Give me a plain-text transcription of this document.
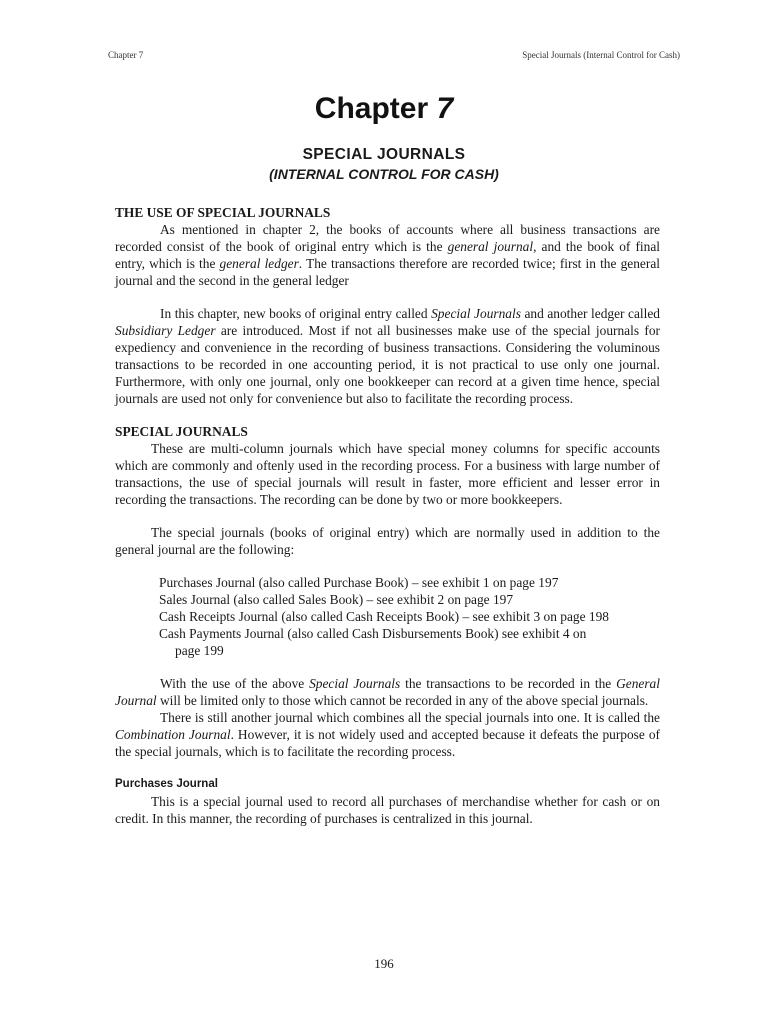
Chapter 7	Special Journals (Internal Control for Cash)
Chapter 7
SPECIAL JOURNALS
(INTERNAL CONTROL FOR CASH)

THE USE OF SPECIAL JOURNALS

As mentioned in chapter 2, the books of accounts where all business transactions are recorded consist of the book of original entry which is the general journal, and the book of final entry, which is the general ledger. The transactions therefore are recorded twice; first in the general journal and the second in the general ledger

In this chapter, new books of original entry called Special Journals and another ledger called Subsidiary Ledger are introduced. Most if not all businesses make use of the special journals for expediency and convenience in the recording of business transactions. Considering the voluminous transactions to be recorded in one accounting period, it is not practical to use only one journal. Furthermore, with only one journal, only one bookkeeper can record at a given time hence, special journals are used not only for convenience but also to facilitate the recording process.

SPECIAL JOURNALS

These are multi-column journals which have special money columns for specific accounts which are commonly and oftenly used in the recording process. For a business with large number of transactions, the use of special journals will result in faster, more efficient and lesser error in recording the transactions. The recording can be done by two or more bookkeepers.

The special journals (books of original entry) which are normally used in addition to the general journal are the following:

Purchases Journal (also called Purchase Book) – see exhibit 1 on page 197
Sales Journal (also called Sales Book) – see exhibit 2 on page 197
Cash Receipts Journal (also called Cash Receipts Book) – see exhibit 3 on page 198
Cash Payments Journal (also called Cash Disbursements Book) see exhibit 4 on
page 199

With the use of the above Special Journals the transactions to be recorded in the General Journal will be limited only to those which cannot be recorded in any of the above special journals.

There is still another journal which combines all the special journals into one. It is called the Combination Journal. However, it is not widely used and accepted because it defeats the purpose of the special journals, which is to facilitate the recording process.

Purchases Journal

This is a special journal used to record all purchases of merchandise whether for cash or on credit. In this manner, the recording of purchases is centralized in this journal.

196
